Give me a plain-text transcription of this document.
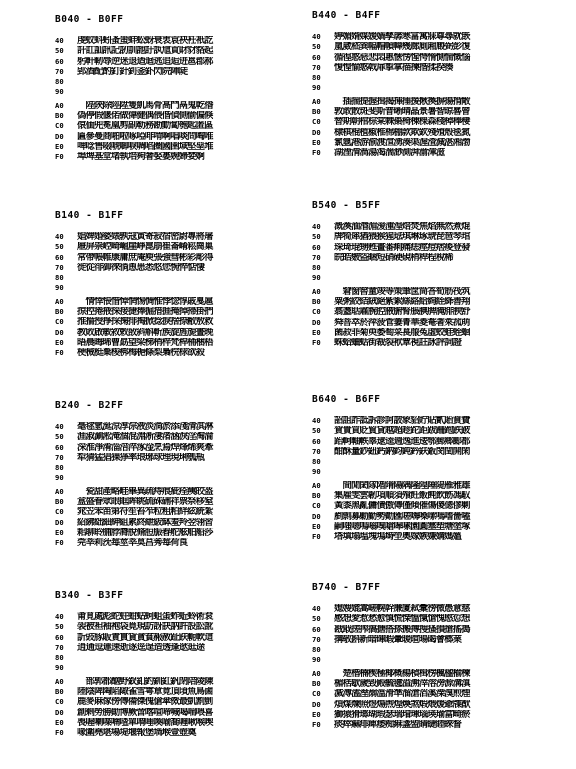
B040 - B0FF
40	虔蚊蚪蚓蚤蚩蚌蚣蚜衰衷袁袂衽衹訖
50	訐訌訕訊記訒訓訑訏訙訄貢財豺貉起
60	躬軒軔辱逆迷退迺迴逃追逅迸邕郡郝
70	郢酒配酌釘針釗釜釙閃院陣陡
80
90
A0	　陛陝除陘陞隻飢馬骨高鬥鬲鬼乾偺
B0	偽停假偃偌做偉健偶偎偕偵側偷偏倏
C0	偯偭兜冕凰剪副勒務勘動匐匏匙匿區
D0	匾參曼商啪啦啄啞啡啃啊唱啖問啕唯
E0	啤唸售啜唬啣唳啁啗圈國圉域堅堊堆
F0	埠埤基堂堵執培夠奢娶婁婉婦婪婀
B140 - B1FF
40	娼婢婚婆婊孰寇寅寄寂宿密尉專將屠
50	屜屏崇崆崎崛崖崢崑崩崔崙崤崧崗巢
60	常帶帳帷康庸庶庵庾張強彗彬彩彫得
70	徙從徘御徠徜恿患悉悠您惋悴惦悽
80
90
A0	　情悻悵惜悼惘惕惆惟悸惚惇戚戛扈
B0	掠控捲掖探接捷捧掘措捱掩掉掃掛捫
C0	推掄授掙採掬排掏掀捻捩捨捺敝敖救
D0	教敗啟敏敘敕敔斜斛斬族旋旌旎晝晚
E0	晤晨晦晞曹勗望梁梯梢梓梵桿桶梱梧
F0	梗械梃棄梭梆梅梔條梨梟梡梂欲殺
B240 - B2FF
40	毫毬氫涎涼淳淙液淡淌淤添淺清淇淋
50	涯淑涮淞淹涸混淵淅淒渚涵淚淫淘淪
60	深淮淨淆淄涪淬涿淦烹焉焊烽烯爽牽
70	犁猜猛猖猓猙率琅琊球理現琍瓠瓶
80
90
A0	　瓷甜產略畦畢異疏痔痕疵痊痍皎盔
B0	盒盛眷眾眼眶眸眺硫硃硎祥票祭移窒
C0	窕笠笨笛第符笙笞笮粒粗粕絆絃統紮
D0	紹紼絀細紳組累終紲紱缽羞羚翌翎習
E0	耜聊聆脯脖脣脫脩脰脤舂舵舷舶船莎
F0	莞莘莉莐莓莖莘莫莒莠莓荷莨
B340 - B3FF
40	莆莧處彪蛇蛀蚶蛄蚵蛆蛋蚱蚯蛉術袞
50	袈被袒袖袍袋覓規訪訝訣訥許設訟訛
60	訢豉豚販責貫貨貪貧赧赦趾趺軛軟這
70	逍通逗連速逝逐逕逞造透逢逖逛途
80
90
A0	　部郭都酗野釵釦釣釧釭釩閉陪陵陳
B0	陸陰陴陶陷陬雀雪雩章竟頂頃魚鳥鹵
C0	鹿麥麻傢傍傅備傑傀傖傘傚最凱割剴
D0	創剩勞勝勛博厥啻喀喧啼喊喝喘喂喜
E0	喪喔喇喋喃喳單喟唾喚喻喬喱啾喉喫
F0	喙圍堯堪場堤堰報堡堝堠壹壺奠
B440 - B4FF
40	婷媚婿媒媛媧孳孱寒富寓寐尊尋就嵌
50	嵐崴嵇巽幅帽幀幃幾廊廁廂廄弼彭復
60	循徨惑惡悲悶惠愜愣惺愕惰惻惴慨惱
70	愎惶愉惑戟扉掣掌描揀揩揉揆揍
80
90
A0	　插揣提握揖揭揮捶援揪換摒揚揹敞
B0	敦敢散斑斐斯普晰晴晶景暑智晾晷曾
C0	替期朝棺棕棠棘棗椅棟棵森棧棹棒棲
D0	棣棋棍植椒椎棉棚款欺欽殘殖殼毯氮
E0	氯氬港游湔渡渲湧湊渠渥渣減湛湘渤
F0	湖湮渭渦湯渴湍渺測湃渝渾滋
B540 - B5FF
40	溉渙湎湣湄湲湩湟焙焚焦焰無然煮焜
50	牌犄犀猶猥猴猩琺琪琳琢琥琵琶琴琯
60	琛琦琨甥甦畫番痢痛痣痙痘痞痠登發
70	皖皓皴盜睏短硝硬硯稍稈程稅稀
80
90
A0	　窘窗窖童竣等策筆筐筒答筍筋筏筑
B0	粟粥絞結絨絕紫絮絲絡給絢絰絳善翔
C0	翕耋聒肅腕腔腋腑腎脹腆脾腌腓腴舒
D0	舜菩萃菸萍菠菅萋菁華菱菴著萊菰萌
E0	菌菽菲菊萸萎萄菜萇菔菟虛蛟蛙蛭蛔
F0	蛛蛤蛐蛞街裁裂袱覃視註詠評詞證
B640 - B6FF
40	詔詛詐詆訴診訶詖象貂貯貼貳貽賁費
50	賀貴買貶貿貸越超趁跎距跋跚跑跌跛
60	跆軻軸軼辜逮逵週逸進逶鄂郵鄉郾都
70	酣酥量鈔鈕鈣鈉鈞鈍鈐鈇鈑閔閏開閑
80
90
A0	　間閒閎隊階隋陽隅隆隍陲隄雁雅雄
B0	集雇雯雲韌項順須飧飪飯飩飲飭馮馭
C0	黃黍黑亂傭債傲傳僅傾催傷傻傯僇剿
D0	剷剽募勦勤勢勣匯嗟嗨嗓嗦嗎嗜嗇嗑
E0	嗣嗤嗯嗚嗡嗅嗆嗥嗉園圓塞塑塘塗塚
F0	塔填塌塭塊塢塒塋奧嫁嫉嫌媾媽媼
B740 - B7FF
40	媳嫂媲嵩嵯幌幹廉廈弒彙徬微愚意慈
50	感想愛惹愁愈慎慌慄慍愾愴愧愍愆想
60	戡戢搓搾搞搪搭搽搬搏搜搔損搶搖搗
70	搆敬斟新暗暉暇暈暖暄暘暍會榔業
80
90
A0	　楚楷楠楔極椰概楊楨楫楞楓楹榆楝
B0	楣楛歇歲毀殿毓毽溢溯滓溶滂源溝滇
C0	滅溥溘溼溺溫滑準溜滄滔溪溧溴煎煙
D0	煩煤煉照煜煬煦煌煥煞煆煨煖爺牒猷
E0	獅猿猾瑯瑚瑕瑟瑞瑁琿瑙瑛瑜當畸瘀
F0	痰瘁痲痱痺痿痴痳盞盟睛睫睦睞督
